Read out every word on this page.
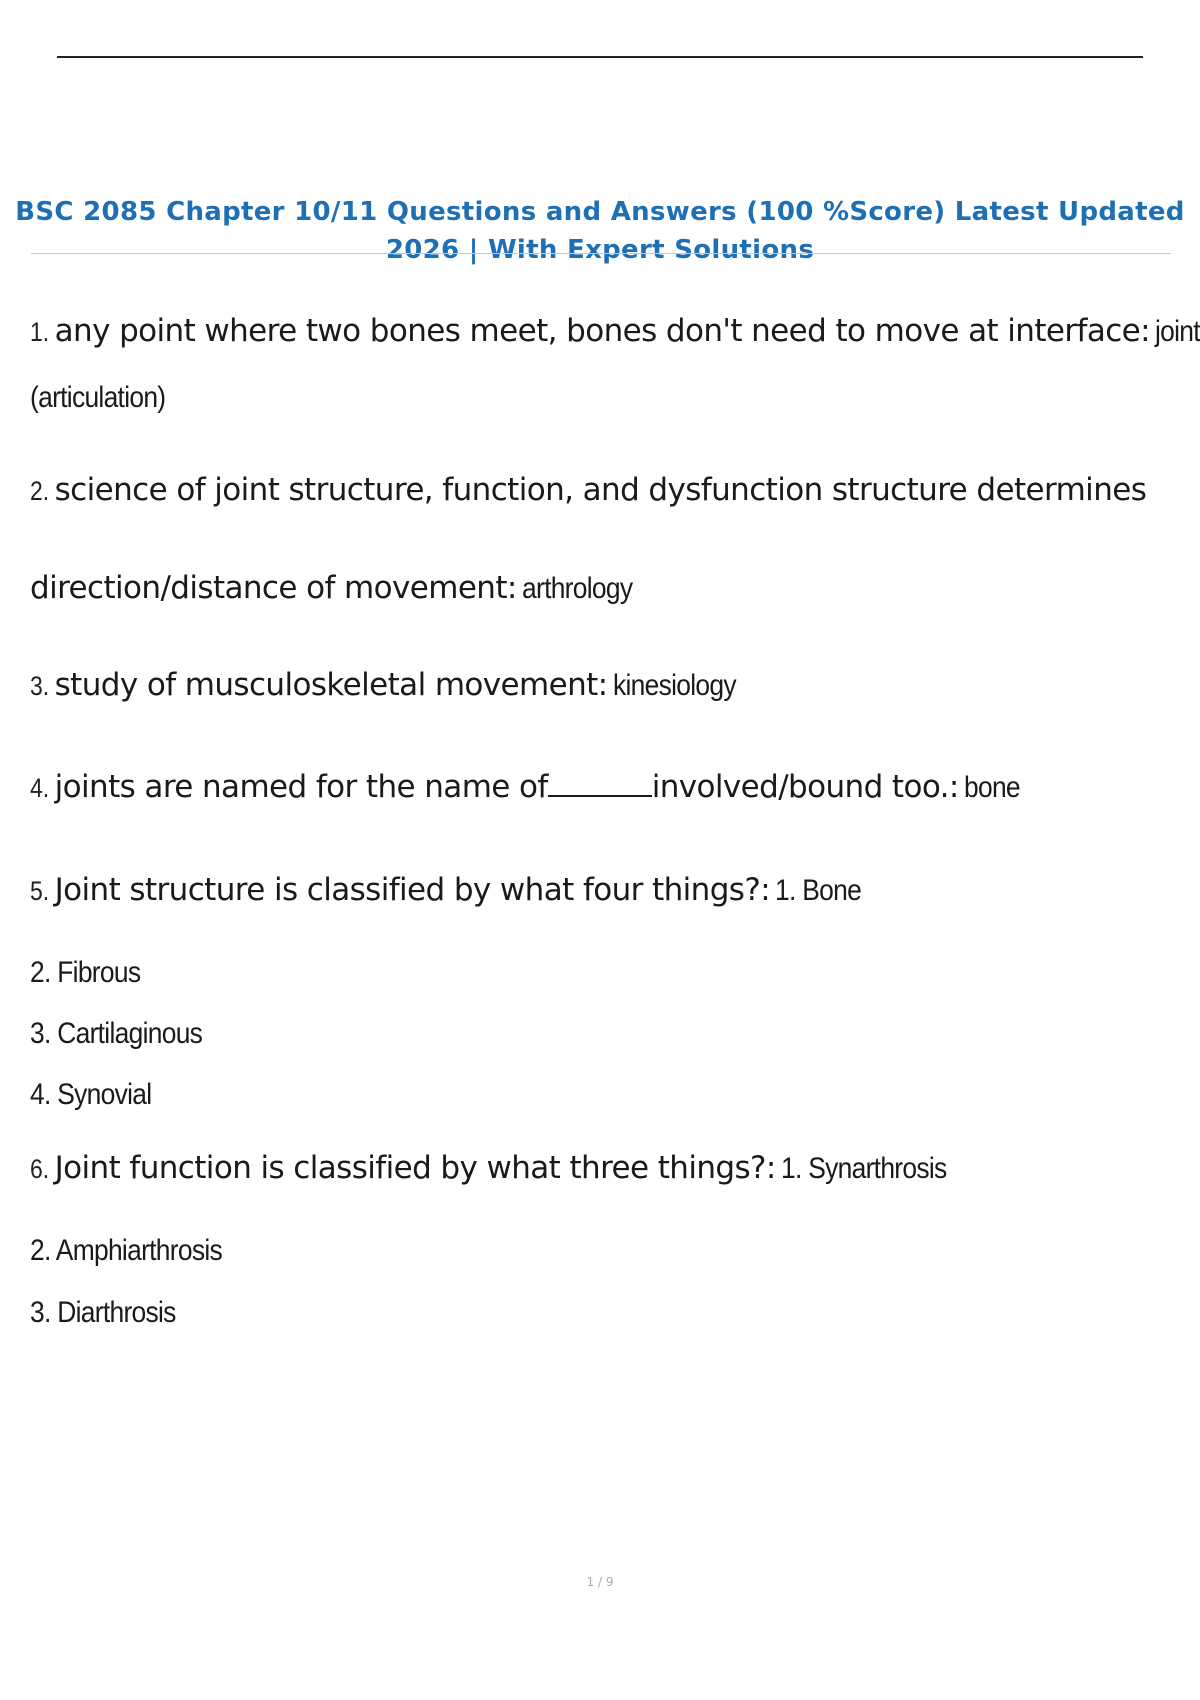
BSC 2085 Chapter 10/11 Questions and Answers (100 %Score) Latest Updated
2026 | With Expert Solutions
1. any point where two bones meet, bones don't need to move at interface: joint
(articulation)
2. science of joint structure, function, and dysfunction structure determines
direction/distance of movement: arthrology
3. study of musculoskeletal movement: kinesiology
4. joints are named for the name of	involved/bound too.: bone
5. Joint structure is classified by what four things?: 1. Bone
2. Fibrous
3. Cartilaginous
4. Synovial
6. Joint function is classified by what three things?: 1. Synarthrosis
2. Amphiarthrosis
3. Diarthrosis
1 / 9
